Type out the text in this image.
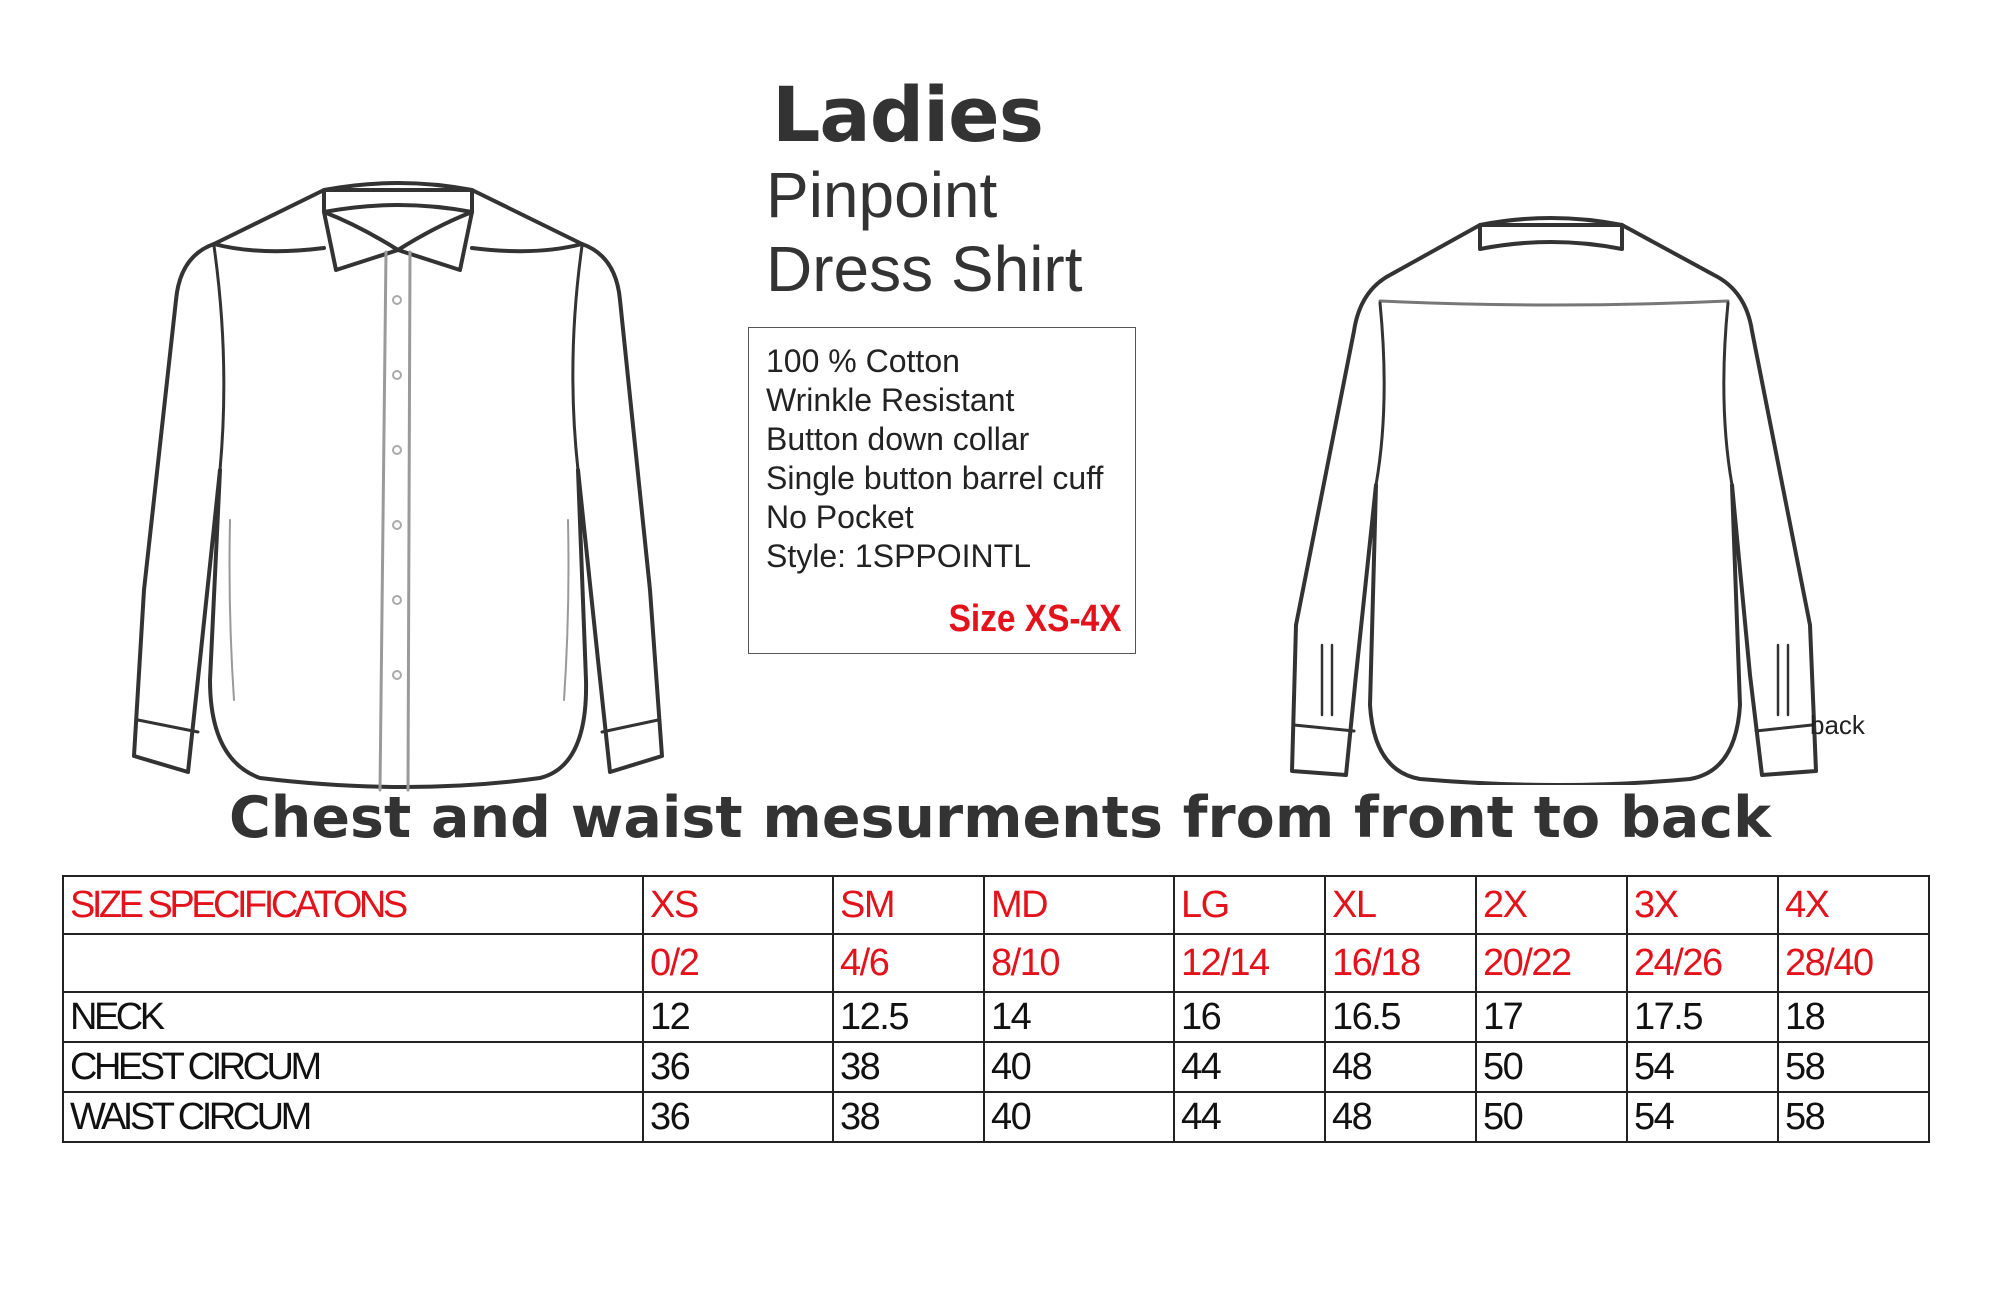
back
Ladies
Pinpoint
Dress Shirt
100 % Cotton
Wrinkle Resistant
Button down collar
Single button barrel cuff
No Pocket
Style: 1SPPOINTL
Size XS-4X
Chest and waist mesurments from front to back
SIZE SPECIFICATONS	XS	SM	MD	LG	XL	2X	3X	4X
	0/2	4/6	8/10	12/14	16/18	20/22	24/26	28/40
NECK	12	12.5	14	16	16.5	17	17.5	18
CHEST CIRCUM	36	38	40	44	48	50	54	58
WAIST CIRCUM	36	38	40	44	48	50	54	58
